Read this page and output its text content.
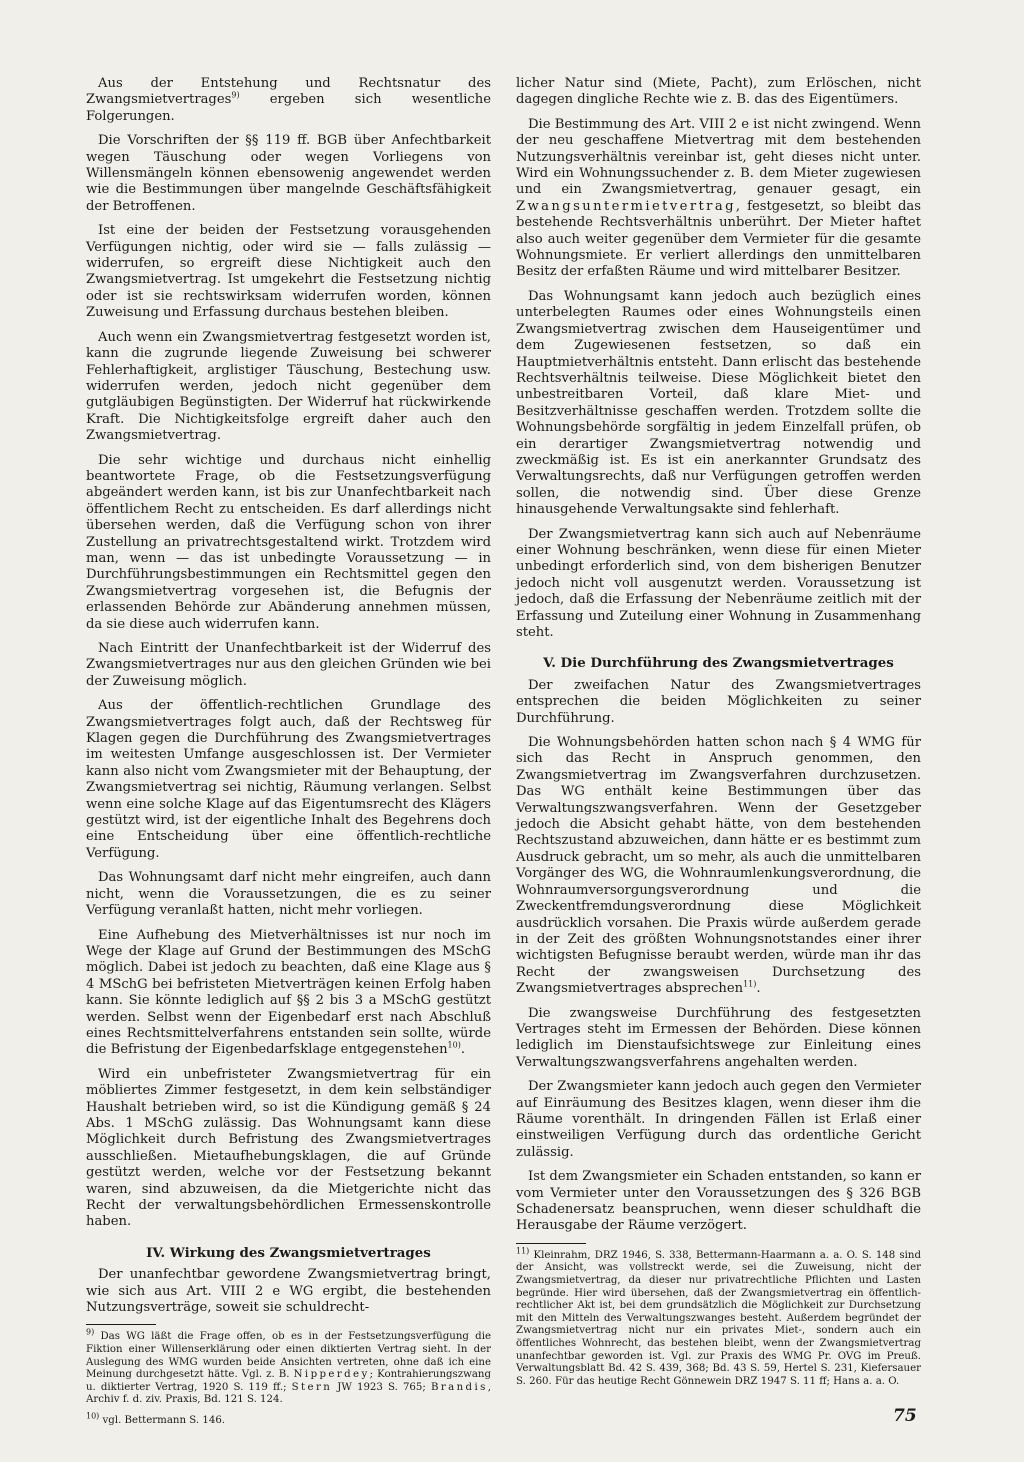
Aus der Entstehung und Rechtsnatur des Zwangsmietvertrages$^{9)}$ ergeben sich wesentliche Folgerungen.

Die Vorschriften der §§ 119 ff. BGB über Anfechtbarkeit wegen Täuschung oder wegen Vorliegens von Willensmängeln können ebensowenig angewendet werden wie die Bestimmungen über mangelnde Geschäftsfähigkeit der Betroffenen.

Ist eine der beiden der Festsetzung vorausgehenden Verfügungen nichtig, oder wird sie — falls zulässig — widerrufen, so ergreift diese Nichtigkeit auch den Zwangsmietvertrag. Ist umgekehrt die Festsetzung nichtig oder ist sie rechtswirksam widerrufen worden, können Zuweisung und Erfassung durchaus bestehen bleiben.

Auch wenn ein Zwangsmietvertrag festgesetzt worden ist, kann die zugrunde liegende Zuweisung bei schwerer Fehlerhaftigkeit, arglistiger Täuschung, Bestechung usw. widerrufen werden, jedoch nicht gegenüber dem gutgläubigen Begünstigten. Der Widerruf hat rückwirkende Kraft. Die Nichtigkeitsfolge ergreift daher auch den Zwangsmietvertrag.

Die sehr wichtige und durchaus nicht einhellig beantwortete Frage, ob die Festsetzungsverfügung abgeändert werden kann, ist bis zur Unanfechtbarkeit nach öffentlichem Recht zu entscheiden. Es darf allerdings nicht übersehen werden, daß die Verfügung schon von ihrer Zustellung an privatrechtsgestaltend wirkt. Trotzdem wird man, wenn — das ist unbedingte Voraussetzung — in Durchführungsbestimmungen ein Rechtsmittel gegen den Zwangsmietvertrag vorgesehen ist, die Befugnis der erlassenden Behörde zur Abänderung annehmen müssen, da sie diese auch widerrufen kann.

Nach Eintritt der Unanfechtbarkeit ist der Widerruf des Zwangsmietvertrages nur aus den gleichen Gründen wie bei der Zuweisung möglich.

Aus der öffentlich-rechtlichen Grundlage des Zwangsmietvertrages folgt auch, daß der Rechtsweg für Klagen gegen die Durchführung des Zwangsmietvertrages im weitesten Umfange ausgeschlossen ist. Der Vermieter kann also nicht vom Zwangsmieter mit der Behauptung, der Zwangsmietvertrag sei nichtig, Räumung verlangen. Selbst wenn eine solche Klage auf das Eigentumsrecht des Klägers gestützt wird, ist der eigentliche Inhalt des Begehrens doch eine Entscheidung über eine öffentlich-rechtliche Verfügung.

Das Wohnungsamt darf nicht mehr eingreifen, auch dann nicht, wenn die Voraussetzungen, die es zu seiner Verfügung veranlaßt hatten, nicht mehr vorliegen.

Eine Aufhebung des Mietverhältnisses ist nur noch im Wege der Klage auf Grund der Bestimmungen des MSchG möglich. Dabei ist jedoch zu beachten, daß eine Klage aus § 4 MSchG bei befristeten Mietverträgen keinen Erfolg haben kann. Sie könnte lediglich auf §§ 2 bis 3 a MSchG gestützt werden. Selbst wenn der Eigenbedarf erst nach Abschluß eines Rechtsmittelverfahrens entstanden sein sollte, würde die Befristung der Eigenbedarfsklage entgegenstehen$^{10)}$.

Wird ein unbefristeter Zwangsmietvertrag für ein möbliertes Zimmer festgesetzt, in dem kein selbständiger Haushalt betrieben wird, so ist die Kündigung gemäß § 24 Abs. 1 MSchG zulässig. Das Wohnungsamt kann diese Möglichkeit durch Befristung des Zwangsmietvertrages ausschließen. Mietaufhebungsklagen, die auf Gründe gestützt werden, welche vor der Festsetzung bekannt waren, sind abzuweisen, da die Mietgerichte nicht das Recht der verwaltungsbehördlichen Ermessenskontrolle haben.

IV. Wirkung des Zwangsmietvertrages

Der unanfechtbar gewordene Zwangsmietvertrag bringt, wie sich aus Art. VIII 2 e WG ergibt, die bestehenden Nutzungsverträge, soweit sie schuldrecht-

$^{9)}$ Das WG läßt die Frage offen, ob es in der Festsetzungsverfügung die Fiktion einer Willenserklärung oder einen diktierten Vertrag sieht. In der Auslegung des WMG wurden beide Ansichten vertreten, ohne daß ich eine Meinung durchgesetzt hätte. Vgl. z. B. Nipperdey; Kontrahierungszwang u. diktierter Vertrag, 1920 S. 119 ff.; Stern JW 1923 S. 765; Brandis, Archiv f. d. ziv. Praxis, Bd. 121 S. 124.

$^{10)}$ vgl. Bettermann S. 146.

licher Natur sind (Miete, Pacht), zum Erlöschen, nicht dagegen dingliche Rechte wie z. B. das des Eigentümers.

Die Bestimmung des Art. VIII 2 e ist nicht zwingend. Wenn der neu geschaffene Mietvertrag mit dem bestehenden Nutzungsverhältnis vereinbar ist, geht dieses nicht unter. Wird ein Wohnungssuchender z. B. dem Mieter zugewiesen und ein Zwangsmietvertrag, genauer gesagt, ein Zwangsuntermietvertrag, festgesetzt, so bleibt das bestehende Rechtsverhältnis unberührt. Der Mieter haftet also auch weiter gegenüber dem Vermieter für die gesamte Wohnungsmiete. Er verliert allerdings den unmittelbaren Besitz der erfaßten Räume und wird mittelbarer Besitzer.

Das Wohnungsamt kann jedoch auch bezüglich eines unterbelegten Raumes oder eines Wohnungsteils einen Zwangsmietvertrag zwischen dem Hauseigentümer und dem Zugewiesenen festsetzen, so daß ein Hauptmietverhältnis entsteht. Dann erlischt das bestehende Rechtsverhältnis teilweise. Diese Möglichkeit bietet den unbestreitbaren Vorteil, daß klare Miet- und Besitzverhältnisse geschaffen werden. Trotzdem sollte die Wohnungsbehörde sorgfältig in jedem Einzelfall prüfen, ob ein derartiger Zwangsmietvertrag notwendig und zweckmäßig ist. Es ist ein anerkannter Grundsatz des Verwaltungsrechts, daß nur Verfügungen getroffen werden sollen, die notwendig sind. Über diese Grenze hinausgehende Verwaltungsakte sind fehlerhaft.

Der Zwangsmietvertrag kann sich auch auf Nebenräume einer Wohnung beschränken, wenn diese für einen Mieter unbedingt erforderlich sind, von dem bisherigen Benutzer jedoch nicht voll ausgenutzt werden. Voraussetzung ist jedoch, daß die Erfassung der Nebenräume zeitlich mit der Erfassung und Zuteilung einer Wohnung in Zusammenhang steht.

V. Die Durchführung des Zwangsmietvertrages

Der zweifachen Natur des Zwangsmietvertrages entsprechen die beiden Möglichkeiten zu seiner Durchführung.

Die Wohnungsbehörden hatten schon nach § 4 WMG für sich das Recht in Anspruch genommen, den Zwangsmietvertrag im Zwangsverfahren durchzusetzen. Das WG enthält keine Bestimmungen über das Verwaltungszwangsverfahren. Wenn der Gesetzgeber jedoch die Absicht gehabt hätte, von dem bestehenden Rechtszustand abzuweichen, dann hätte er es bestimmt zum Ausdruck gebracht, um so mehr, als auch die unmittelbaren Vorgänger des WG, die Wohnraumlenkungsverordnung, die Wohnraumversorgungsverordnung und die Zweckentfremdungsverordnung diese Möglichkeit ausdrücklich vorsahen. Die Praxis würde außerdem gerade in der Zeit des größten Wohnungsnotstandes einer ihrer wichtigsten Befugnisse beraubt werden, würde man ihr das Recht der zwangsweisen Durchsetzung des Zwangsmietvertrages absprechen$^{11)}$.

Die zwangsweise Durchführung des festgesetzten Vertrages steht im Ermessen der Behörden. Diese können lediglich im Dienstaufsichtswege zur Einleitung eines Verwaltungszwangsverfahrens angehalten werden.

Der Zwangsmieter kann jedoch auch gegen den Vermieter auf Einräumung des Besitzes klagen, wenn dieser ihm die Räume vorenthält. In dringenden Fällen ist Erlaß einer einstweiligen Verfügung durch das ordentliche Gericht zulässig.

Ist dem Zwangsmieter ein Schaden entstanden, so kann er vom Vermieter unter den Voraussetzungen des § 326 BGB Schadenersatz beanspruchen, wenn dieser schuldhaft die Herausgabe der Räume verzögert.

$^{11)}$ Kleinrahm, DRZ 1946, S. 338, Bettermann-Haarmann a. a. O. S. 148 sind der Ansicht, was vollstreckt werde, sei die Zuweisung, nicht der Zwangsmietvertrag, da dieser nur privatrechtliche Pflichten und Lasten begründe. Hier wird übersehen, daß der Zwangsmietvertrag ein öffentlich-rechtlicher Akt ist, bei dem grundsätzlich die Möglichkeit zur Durchsetzung mit den Mitteln des Verwaltungszwanges besteht. Außerdem begründet der Zwangsmietvertrag nicht nur ein privates Miet-, sondern auch ein öffentliches Wohnrecht, das bestehen bleibt, wenn der Zwangsmietvertrag unanfechtbar geworden ist. Vgl. zur Praxis des WMG Pr. OVG im Preuß. Verwaltungsblatt Bd. 42 S. 439, 368; Bd. 43 S. 59, Hertel S. 231, Kiefersauer S. 260. Für das heutige Recht Gönnewein DRZ 1947 S. 11 ff; Hans a. a. O.

75
